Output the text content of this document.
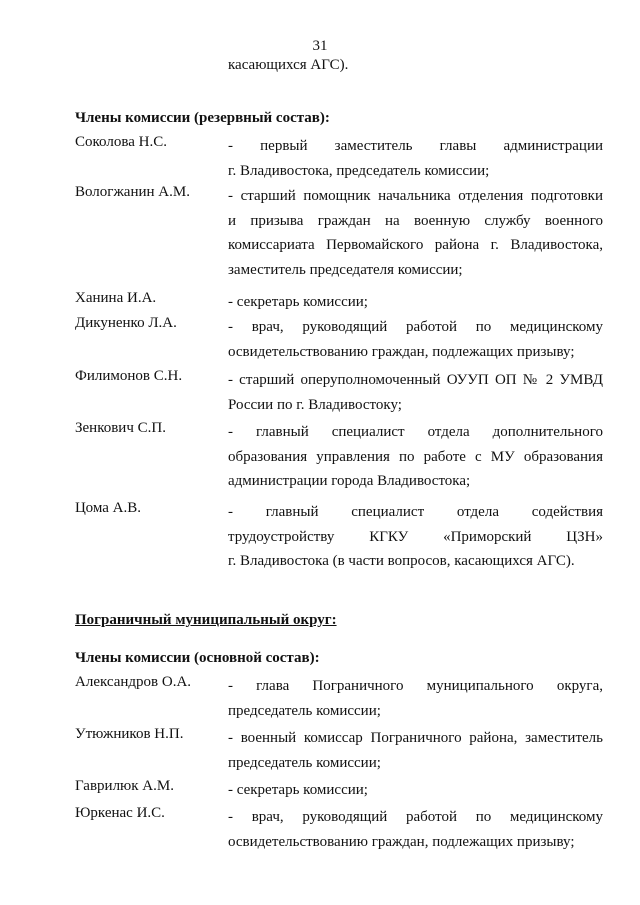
31
касающихся АГС).
Члены комиссии (резервный состав):
Соколова Н.С.	- первый заместитель главы администрации
г. Владивостока, председатель комиссии;
Вологжанин А.М.	- старший помощник начальника отделения подготовки
и призыва граждан на военную службу военного
комиссариата Первомайского района г. Владивостока,
заместитель председателя комиссии;
Ханина И.А.	- секретарь комиссии;
Дикуненко Л.А.	- врач, руководящий работой по медицинскому
освидетельствованию граждан, подлежащих призыву;
Филимонов С.Н.	- старший оперуполномоченный ОУУП ОП № 2 УМВД
России по г. Владивостоку;
Зенкович С.П.	- главный специалист отдела дополнительного
образования управления по работе с МУ образования
администрации города Владивостока;
Цома А.В.	- главный специалист отдела содействия
трудоустройству КГКУ «Приморский ЦЗН»
г. Владивостока (в части вопросов, касающихся АГС).
Пограничный муниципальный округ:
Члены комиссии (основной состав):
Александров О.А. - глава Пограничного муниципального округа,
председатель комиссии;
Утюжников Н.П.	- военный комиссар Пограничного района, заместитель
председатель комиссии;
Гаврилюк А.М.	- секретарь комиссии;
Юркенас И.С.	- врач, руководящий работой по медицинскому
освидетельствованию граждан, подлежащих призыву;
